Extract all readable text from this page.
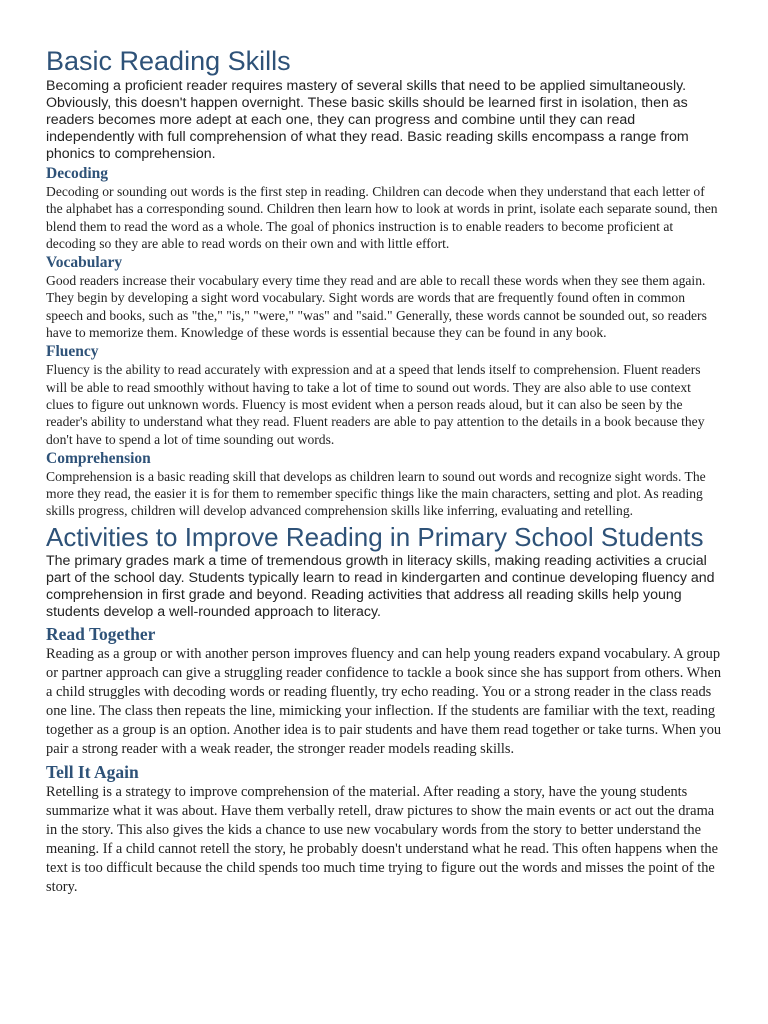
Basic Reading Skills

Becoming a proficient reader requires mastery of several skills that need to be applied simultaneously. Obviously, this doesn't happen overnight. These basic skills should be learned first in isolation, then as readers becomes more adept at each one, they can progress and combine until they can read independently with full comprehension of what they read. Basic reading skills encompass a range from phonics to comprehension.

Decoding

Decoding or sounding out words is the first step in reading. Children can decode when they understand that each letter of the alphabet has a corresponding sound. Children then learn how to look at words in print, isolate each separate sound, then blend them to read the word as a whole. The goal of phonics instruction is to enable readers to become proficient at decoding so they are able to read words on their own and with little effort.

Vocabulary

Good readers increase their vocabulary every time they read and are able to recall these words when they see them again. They begin by developing a sight word vocabulary. Sight words are words that are frequently found often in common speech and books, such as "the," "is," "were," "was" and "said." Generally, these words cannot be sounded out, so readers have to memorize them. Knowledge of these words is essential because they can be found in any book.

Fluency

Fluency is the ability to read accurately with expression and at a speed that lends itself to comprehension. Fluent readers will be able to read smoothly without having to take a lot of time to sound out words. They are also able to use context clues to figure out unknown words. Fluency is most evident when a person reads aloud, but it can also be seen by the reader's ability to understand what they read. Fluent readers are able to pay attention to the details in a book because they don't have to spend a lot of time sounding out words.

Comprehension

Comprehension is a basic reading skill that develops as children learn to sound out words and recognize sight words. The more they read, the easier it is for them to remember specific things like the main characters, setting and plot. As reading skills progress, children will develop advanced comprehension skills like inferring, evaluating and retelling.

Activities to Improve Reading in Primary School Students

The primary grades mark a time of tremendous growth in literacy skills, making reading activities a crucial part of the school day. Students typically learn to read in kindergarten and continue developing fluency and comprehension in first grade and beyond. Reading activities that address all reading skills help young students develop a well-rounded approach to literacy.

Read Together

Reading as a group or with another person improves fluency and can help young readers expand vocabulary. A group or partner approach can give a struggling reader confidence to tackle a book since she has support from others. When a child struggles with decoding words or reading fluently, try echo reading. You or a strong reader in the class reads one line. The class then repeats the line, mimicking your inflection. If the students are familiar with the text, reading together as a group is an option. Another idea is to pair students and have them read together or take turns. When you pair a strong reader with a weak reader, the stronger reader models reading skills.

Tell It Again

Retelling is a strategy to improve comprehension of the material. After reading a story, have the young students summarize what it was about. Have them verbally retell, draw pictures to show the main events or act out the drama in the story. This also gives the kids a chance to use new vocabulary words from the story to better understand the meaning. If a child cannot retell the story, he probably doesn't understand what he read. This often happens when the text is too difficult because the child spends too much time trying to figure out the words and misses the point of the story.
